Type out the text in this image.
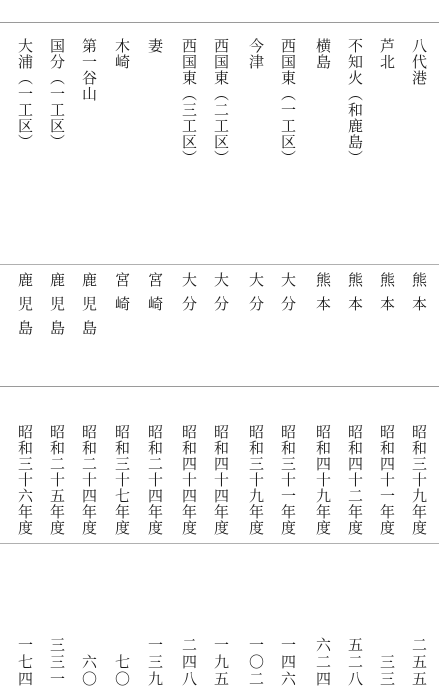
八代港
熊本
昭和三十九年度
二五五
芦北
熊本
昭和四十一年度
三三
不知火（和鹿島）
熊本
昭和四十二年度
五二八
横島
熊本
昭和四十九年度
六二四
西国東（一工区）
大分
昭和三十一年度
一四六
今津
大分
昭和三十九年度
一〇二
西国東（二工区）
大分
昭和四十四年度
一九五
西国東（三工区）
大分
昭和四十四年度
二四八
妻
宮崎
昭和二十四年度
一三九
木崎
宮崎
昭和三十七年度
七〇
第一谷山
鹿児島
昭和二十四年度
六〇
国分（一工区）
鹿児島
昭和二十五年度
三三一
大浦（一工区）
鹿児島
昭和三十六年度
一七四
